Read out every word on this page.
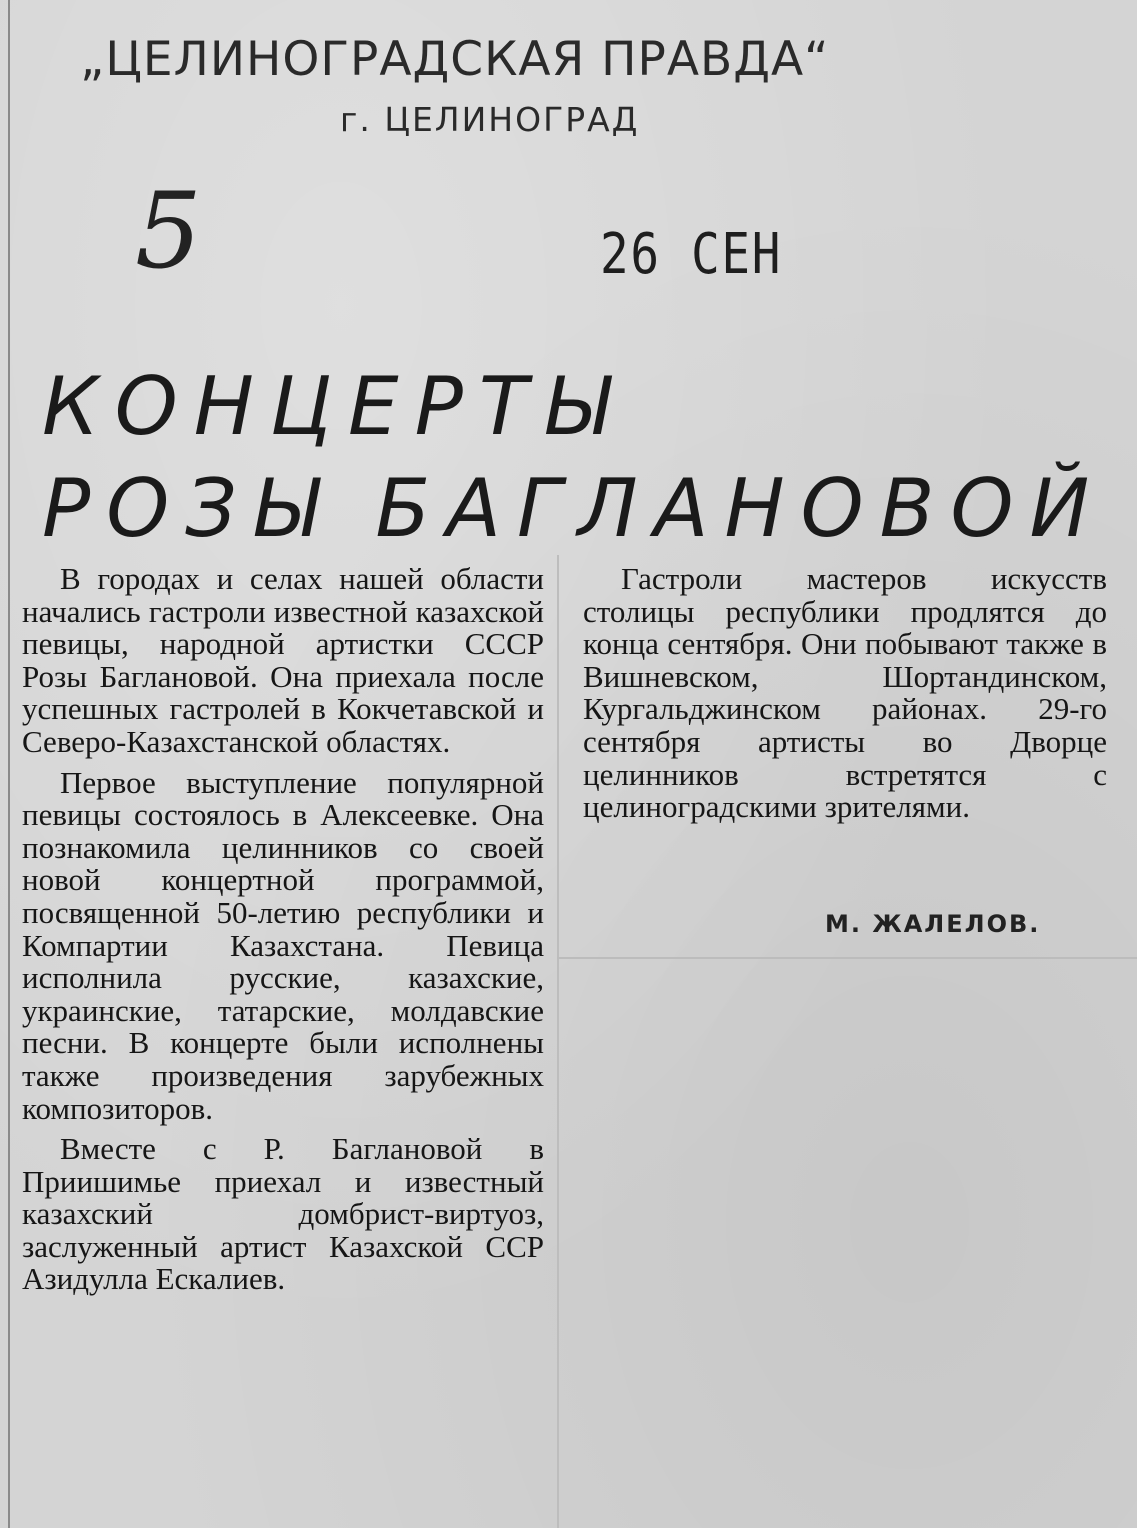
„ЦЕЛИНОГРАДСКАЯ ПРАВДА“
г. ЦЕЛИНОГРАД
5	26 СЕН
КОНЦЕРТЫ
РОЗЫ БАГЛАНОВОЙ

В городах и селах нашей области начались гастроли известной казахской певицы, народной артистки СССР Розы Баглановой. Она приехала после успешных гастролей в Кокчетавской и Северо-Казахстанской областях.

Первое выступление популярной певицы состоялось в Алексеевке. Она познакомила целинников со своей новой концертной программой, посвященной 50-летию республики и Компартии Казахстана. Певица исполнила русские, казахские, украинские, татарские, молдавские песни. В концерте были исполнены также произведения зарубежных композиторов.

Вместе с Р. Баглановой в Приишимье приехал и известный казахский домбрист-виртуоз, заслуженный артист Казахской ССР Азидулла Ескалиев.

Гастроли мастеров искусств столицы республики продлятся до конца сентября. Они побывают также в Вишневском, Шортандинском, Кургальджинском районах. 29-го сентября артисты во Дворце целинников встретятся с целиноградскими зрителями.

М. ЖАЛЕЛОВ.
